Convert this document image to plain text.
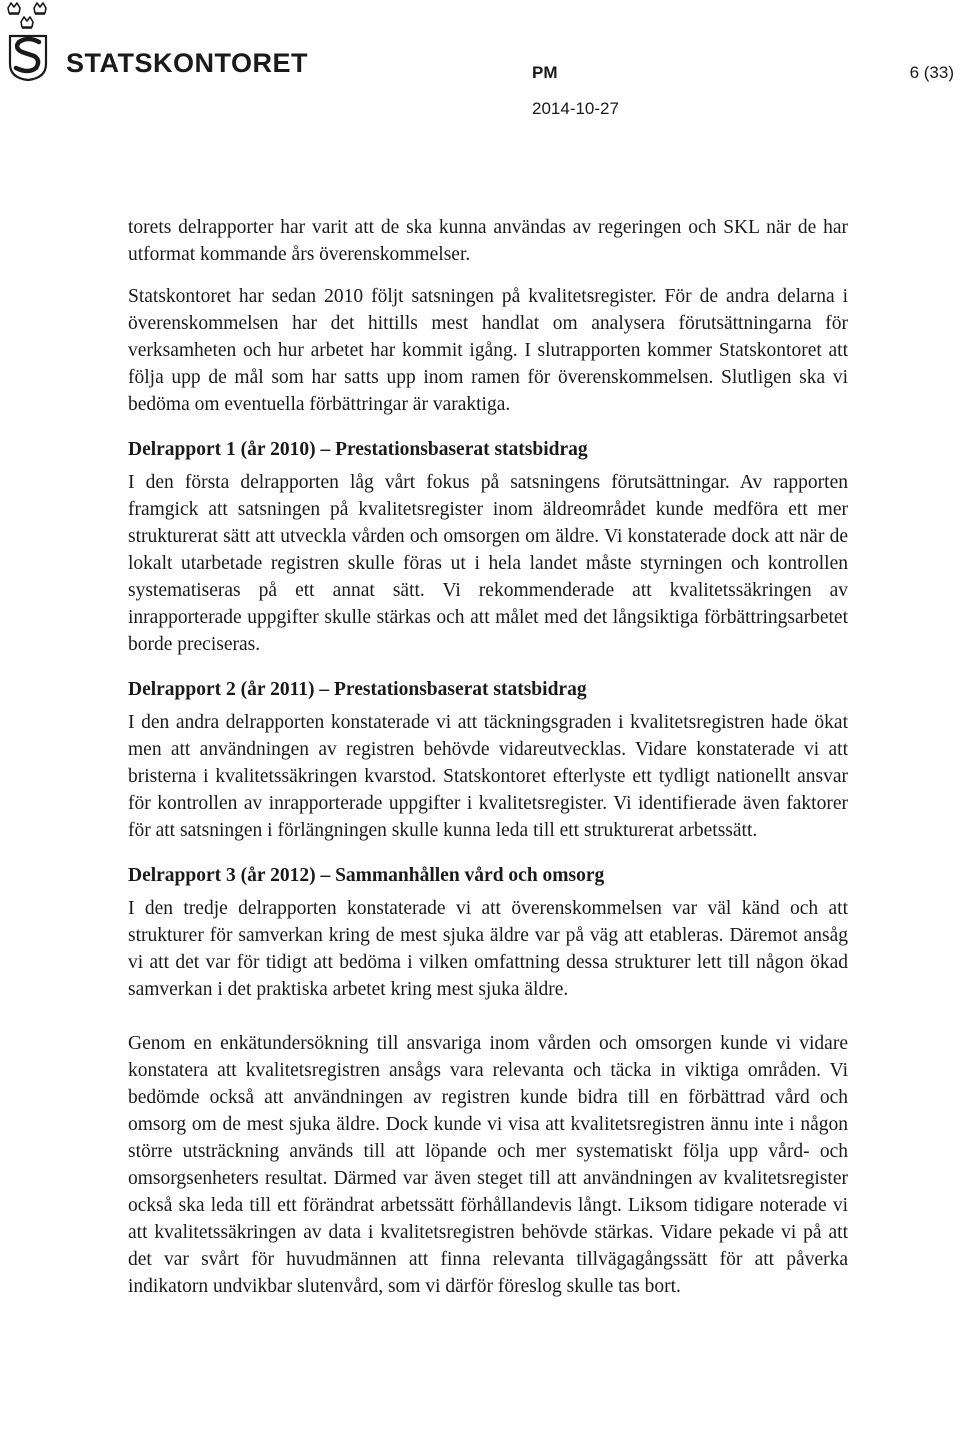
STATSKONTORET	PM	6 (33)
2014-10-27

torets delrapporter har varit att de ska kunna användas av regeringen och SKL när de har utformat kommande års överenskommelser.

Statskontoret har sedan 2010 följt satsningen på kvalitetsregister. För de andra delarna i överenskommelsen har det hittills mest handlat om analysera förutsättningarna för verksamheten och hur arbetet har kommit igång. I slutrapporten kommer Statskontoret att följa upp de mål som har satts upp inom ramen för överenskommelsen. Slutligen ska vi bedöma om eventuella förbättringar är varaktiga.

Delrapport 1 (år 2010) – Prestationsbaserat statsbidrag

I den första delrapporten låg vårt fokus på satsningens förutsättningar. Av rapporten framgick att satsningen på kvalitetsregister inom äldreområdet kunde medföra ett mer strukturerat sätt att utveckla vården och omsorgen om äldre. Vi konstaterade dock att när de lokalt utarbetade registren skulle föras ut i hela landet måste styrningen och kontrollen systematiseras på ett annat sätt. Vi rekommenderade att kvalitetssäkringen av inrapporterade uppgifter skulle stärkas och att målet med det långsiktiga förbättringsarbetet borde preciseras.

Delrapport 2 (år 2011) – Prestationsbaserat statsbidrag

I den andra delrapporten konstaterade vi att täckningsgraden i kvalitetsregistren hade ökat men att användningen av registren behövde vidareutvecklas. Vidare konstaterade vi att bristerna i kvalitetssäkringen kvarstod. Statskontoret efterlyste ett tydligt nationellt ansvar för kontrollen av inrapporterade uppgifter i kvalitetsregister. Vi identifierade även faktorer för att satsningen i förlängningen skulle kunna leda till ett strukturerat arbetssätt.

Delrapport 3 (år 2012) – Sammanhållen vård och omsorg

I den tredje delrapporten konstaterade vi att överenskommelsen var väl känd och att strukturer för samverkan kring de mest sjuka äldre var på väg att etableras. Däremot ansåg vi att det var för tidigt att bedöma i vilken omfattning dessa strukturer lett till någon ökad samverkan i det praktiska arbetet kring mest sjuka äldre.

Genom en enkätundersökning till ansvariga inom vården och omsorgen kunde vi vidare konstatera att kvalitetsregistren ansågs vara relevanta och täcka in viktiga områden. Vi bedömde också att användningen av registren kunde bidra till en förbättrad vård och omsorg om de mest sjuka äldre. Dock kunde vi visa att kvalitetsregistren ännu inte i någon större utsträckning används till att löpande och mer systematiskt följa upp vård- och omsorgsenheters resultat. Därmed var även steget till att användningen av kvalitetsregister också ska leda till ett förändrat arbetssätt förhållandevis långt. Liksom tidigare noterade vi att kvalitetssäkringen av data i kvalitetsregistren behövde stärkas. Vidare pekade vi på att det var svårt för huvudmännen att finna relevanta tillvägagångssätt för att påverka indikatorn undvikbar slutenvård, som vi därför föreslog skulle tas bort.
